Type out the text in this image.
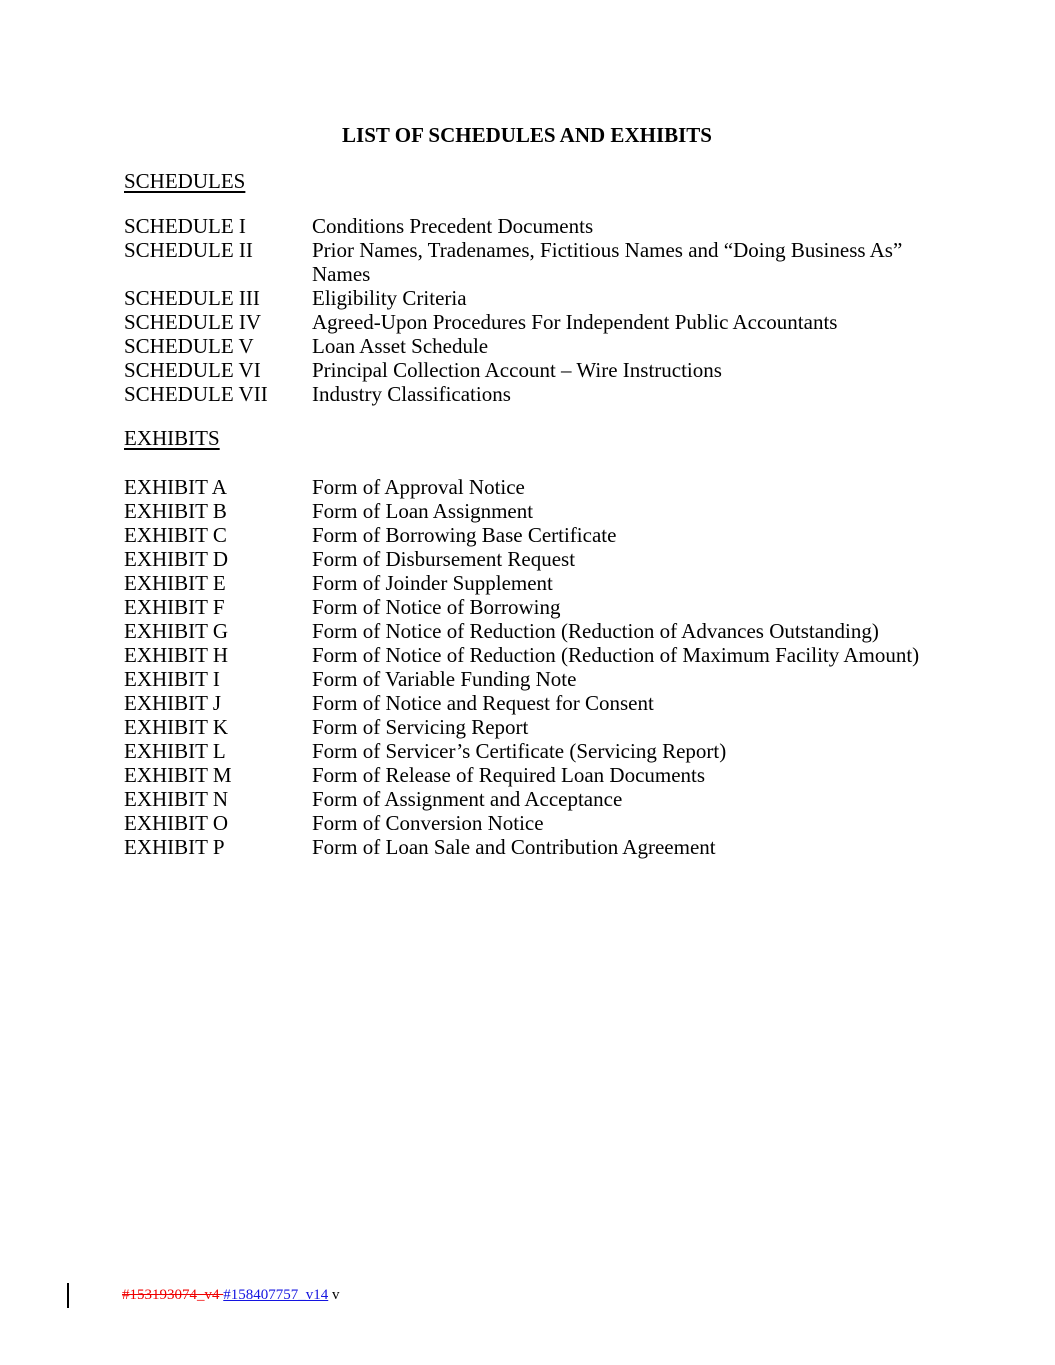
LIST OF SCHEDULES AND EXHIBITS
SCHEDULES
SCHEDULE I	Conditions Precedent Documents
SCHEDULE II	Prior Names, Tradenames, Fictitious Names and “Doing Business As” Names
SCHEDULE III	Eligibility Criteria
SCHEDULE IV	Agreed-Upon Procedures For Independent Public Accountants
SCHEDULE V	Loan Asset Schedule
SCHEDULE VI	Principal Collection Account – Wire Instructions
SCHEDULE VII	Industry Classifications
EXHIBITS
EXHIBIT A	Form of Approval Notice
EXHIBIT B	Form of Loan Assignment
EXHIBIT C	Form of Borrowing Base Certificate
EXHIBIT D	Form of Disbursement Request
EXHIBIT E	Form of Joinder Supplement
EXHIBIT F	Form of Notice of Borrowing
EXHIBIT G	Form of Notice of Reduction (Reduction of Advances Outstanding)
EXHIBIT H	Form of Notice of Reduction (Reduction of Maximum Facility Amount)
EXHIBIT I	Form of Variable Funding Note
EXHIBIT J	Form of Notice and Request for Consent
EXHIBIT K	Form of Servicing Report
EXHIBIT L	Form of Servicer’s Certificate (Servicing Report)
EXHIBIT M	Form of Release of Required Loan Documents
EXHIBIT N	Form of Assignment and Acceptance
EXHIBIT O	Form of Conversion Notice
EXHIBIT P	Form of Loan Sale and Contribution Agreement
#153193074_v4 #158407757_v14 v
